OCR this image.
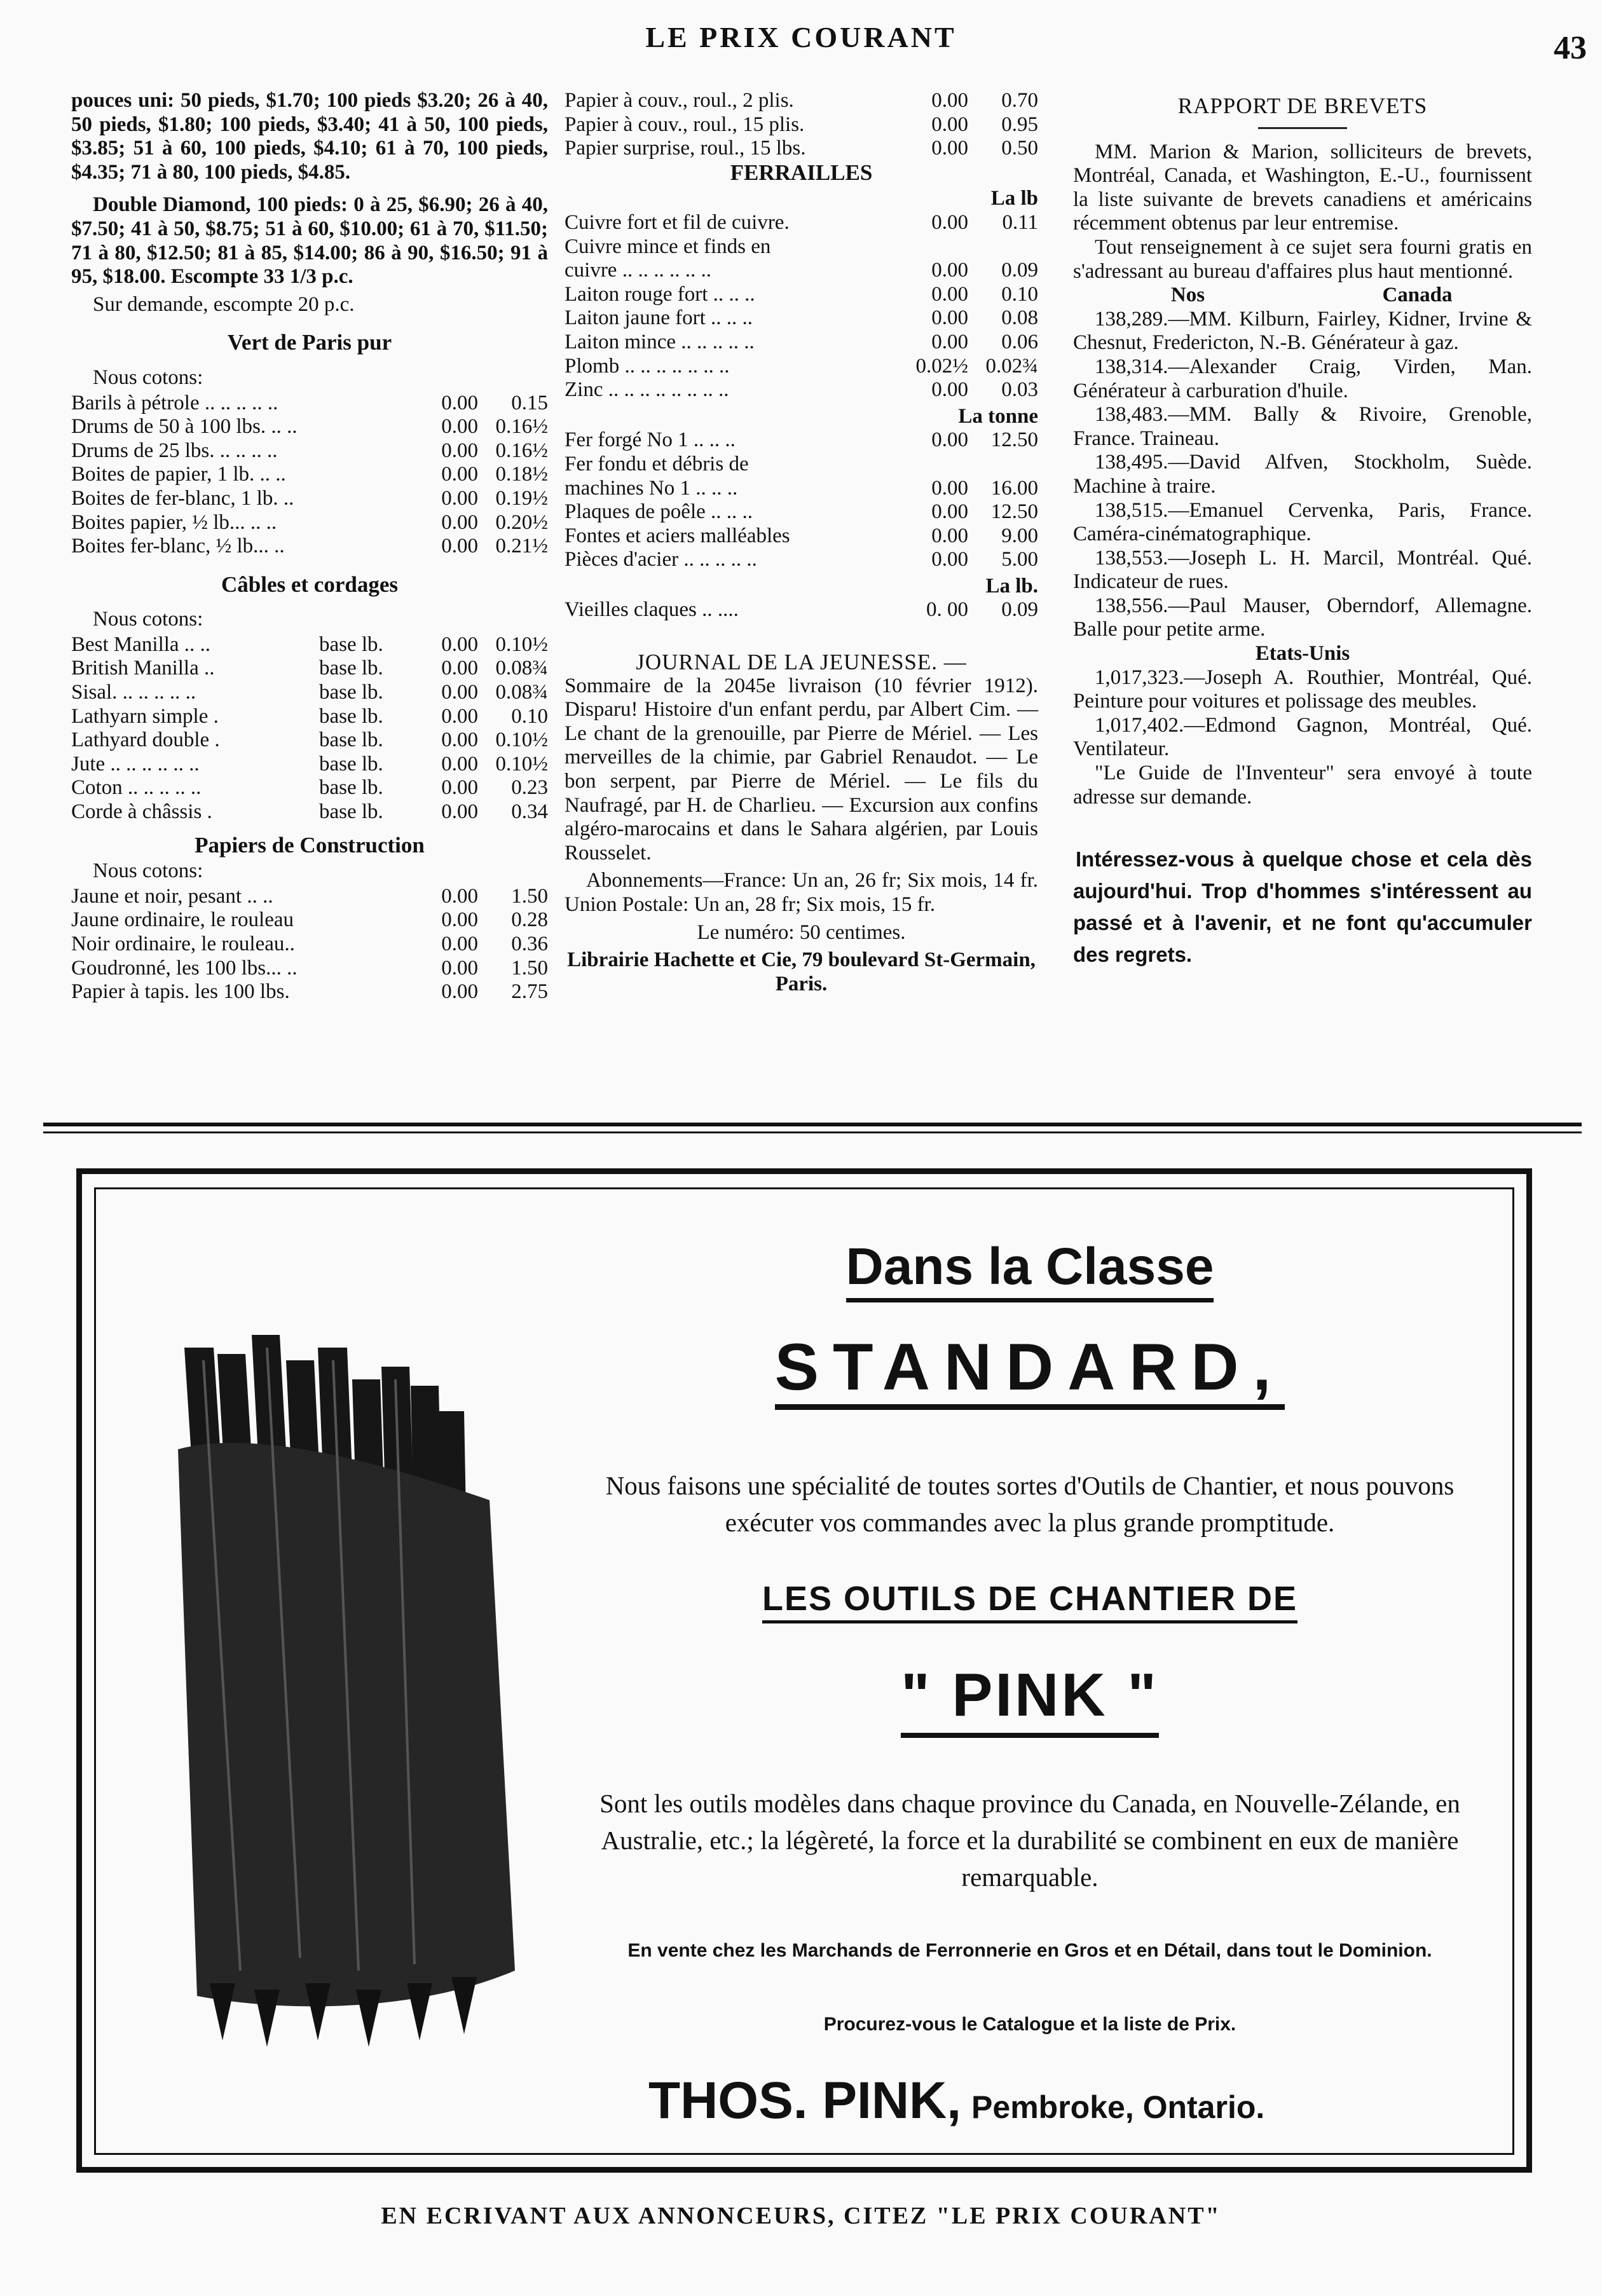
LE PRIX COURANT	43

pouces uni: 50 pieds, $1.70; 100 pieds $3.20; 26 à 40, 50 pieds, $1.80; 100 pieds, $3.40; 41 à 50, 100 pieds, $3.85; 51 à 60, 100 pieds, $4.10; 61 à 70, 100 pieds, $4.35; 71 à 80, 100 pieds, $4.85.

Double Diamond, 100 pieds: 0 à 25, $6.90; 26 à 40, $7.50; 41 à 50, $8.75; 51 à 60, $10.00; 61 à 70, $11.50; 71 à 80, $12.50; 81 à 85, $14.00; 86 à 90, $16.50; 91 à 95, $18.00. Escompte 33 1/3 p.c.

Sur demande, escompte 20 p.c.

Vert de Paris pur
Nous cotons:
Barils à pétrole .. .. .. .. ..	0.00	0.15
Drums de 50 à 100 lbs. .. ..	0.00 0.16½
Drums de 25 lbs. .. .. .. ..	0.00 0.16½
Boites de papier, 1 lb. .. ..	0.00 0.18½
Boites de fer-blanc, 1 lb. ..	0.00 0.19½
Boites papier, ½ lb... .. ..	0.00 0.20½
Boites fer-blanc, ½ lb... ..	0.00 0.21½
Câbles et cordages
Nous cotons:
Best Manilla .. ..	base lb.	0.00 0.10½
British Manilla ..	base lb.	0.00 0.08¾
Sisal. .. .. .. .. ..	base lb.	0.00 0.08¾
Lathyarn simple .	base lb.	0.00	0.10
Lathyard double .	base lb.	0.00 0.10½
Jute .. .. .. .. .. ..	base lb.	0.00 0.10½
Coton .. .. .. .. ..	base lb.	0.00	0.23
Corde à châssis .	base lb.	0.00	0.34
Papiers de Construction
Nous cotons:
Jaune et noir, pesant .. ..	0.00	1.50
Jaune ordinaire, le rouleau	0.00	0.28
Noir ordinaire, le rouleau..	0.00	0.36
Goudronné, les 100 lbs... ..	0.00	1.50
Papier à tapis. les 100 lbs.	0.00	2.75
Papier à couv., roul., 2 plis.	0.00	0.70
Papier à couv., roul., 15 plis.	0.00	0.95
Papier surprise, roul., 15 lbs.	0.00	0.50
FERRAILLES
La lb
Cuivre fort et fil de cuivre.	0.00	0.11
Cuivre mince et finds en
cuivre .. .. .. .. .. ..	0.00	0.09
Laiton rouge fort .. .. ..	0.00	0.10
Laiton jaune fort .. .. ..	0.00	0.08
Laiton mince .. .. .. .. ..	0.00	0.06
Plomb .. .. .. .. .. .. ..	0.02½ 0.02¾
Zinc .. .. .. .. .. .. .. ..	0.00	0.03
La tonne
Fer forgé No 1 .. .. ..	0.00	12.50
Fer fondu et débris de
machines No 1 .. .. ..	0.00	16.00
Plaques de poêle .. .. ..	0.00	12.50
Fontes et aciers malléables	0.00	9.00
Pièces d'acier .. .. .. .. ..	0.00	5.00
La lb.
Vieilles claques .. ....	0. 00	0.09
JOURNAL DE LA JEUNESSE. —

Sommaire de la 2045e livraison (10 février 1912). Disparu! Histoire d'un enfant perdu, par Albert Cim. — Le chant de la grenouille, par Pierre de Mériel. — Les merveilles de la chimie, par Gabriel Renaudot. — Le bon serpent, par Pierre de Mériel. — Le fils du Naufragé, par H. de Charlieu. — Excursion aux confins algéro-marocains et dans le Sahara algérien, par Louis Rousselet.

Abonnements—France: Un an, 26 fr; Six mois, 14 fr. Union Postale: Un an, 28 fr; Six mois, 15 fr.

Le numéro: 50 centimes.

Librairie Hachette et Cie, 79 boulevard St-Germain, Paris.

RAPPORT DE BREVETS

MM. Marion & Marion, solliciteurs de brevets, Montréal, Canada, et Washington, E.-U., fournissent la liste suivante de brevets canadiens et américains récemment obtenus par leur entremise.

Tout renseignement à ce sujet sera fourni gratis en s'adressant au bureau d'affaires plus haut mentionné.

Nos	Canada

138,289.—MM. Kilburn, Fairley, Kidner, Irvine & Chesnut, Fredericton, N.-B. Générateur à gaz.

138,314.—Alexander Craig, Virden, Man. Générateur à carburation d'huile.

138,483.—MM. Bally & Rivoire, Grenoble, France. Traineau.

138,495.—David Alfven, Stockholm, Suède. Machine à traire.

138,515.—Emanuel Cervenka, Paris, France. Caméra-cinématographique.

138,553.—Joseph L. H. Marcil, Montréal. Qué. Indicateur de rues.

138,556.—Paul Mauser, Oberndorf, Allemagne. Balle pour petite arme.

Etats-Unis

1,017,323.—Joseph A. Routhier, Montréal, Qué. Peinture pour voitures et polissage des meubles.

1,017,402.—Edmond Gagnon, Montréal, Qué. Ventilateur.

"Le Guide de l'Inventeur" sera envoyé à toute adresse sur demande.

Intéressez-vous à quelque chose et cela dès aujourd'hui. Trop d'hommes s'intéressent au passé et à l'avenir, et ne font qu'accumuler des regrets.

Dans la Classe
STANDARD,
Nous faisons une spécialité de toutes sortes d'Outils de Chantier, et nous pouvons exécuter vos commandes avec la plus grande promptitude.
LES OUTILS DE CHANTIER DE
" PINK "
Sont les outils modèles dans chaque province du Canada, en Nouvelle-Zélande, en Australie, etc.; la légèreté, la force et la durabilité se combinent en eux de manière remarquable.
En vente chez les Marchands de Ferronnerie en Gros et en Détail, dans tout le Dominion.
Procurez-vous le Catalogue et la liste de Prix.
THOS. PINK, Pembroke, Ontario.
EN ECRIVANT AUX ANNONCEURS, CITEZ "LE PRIX COURANT"
